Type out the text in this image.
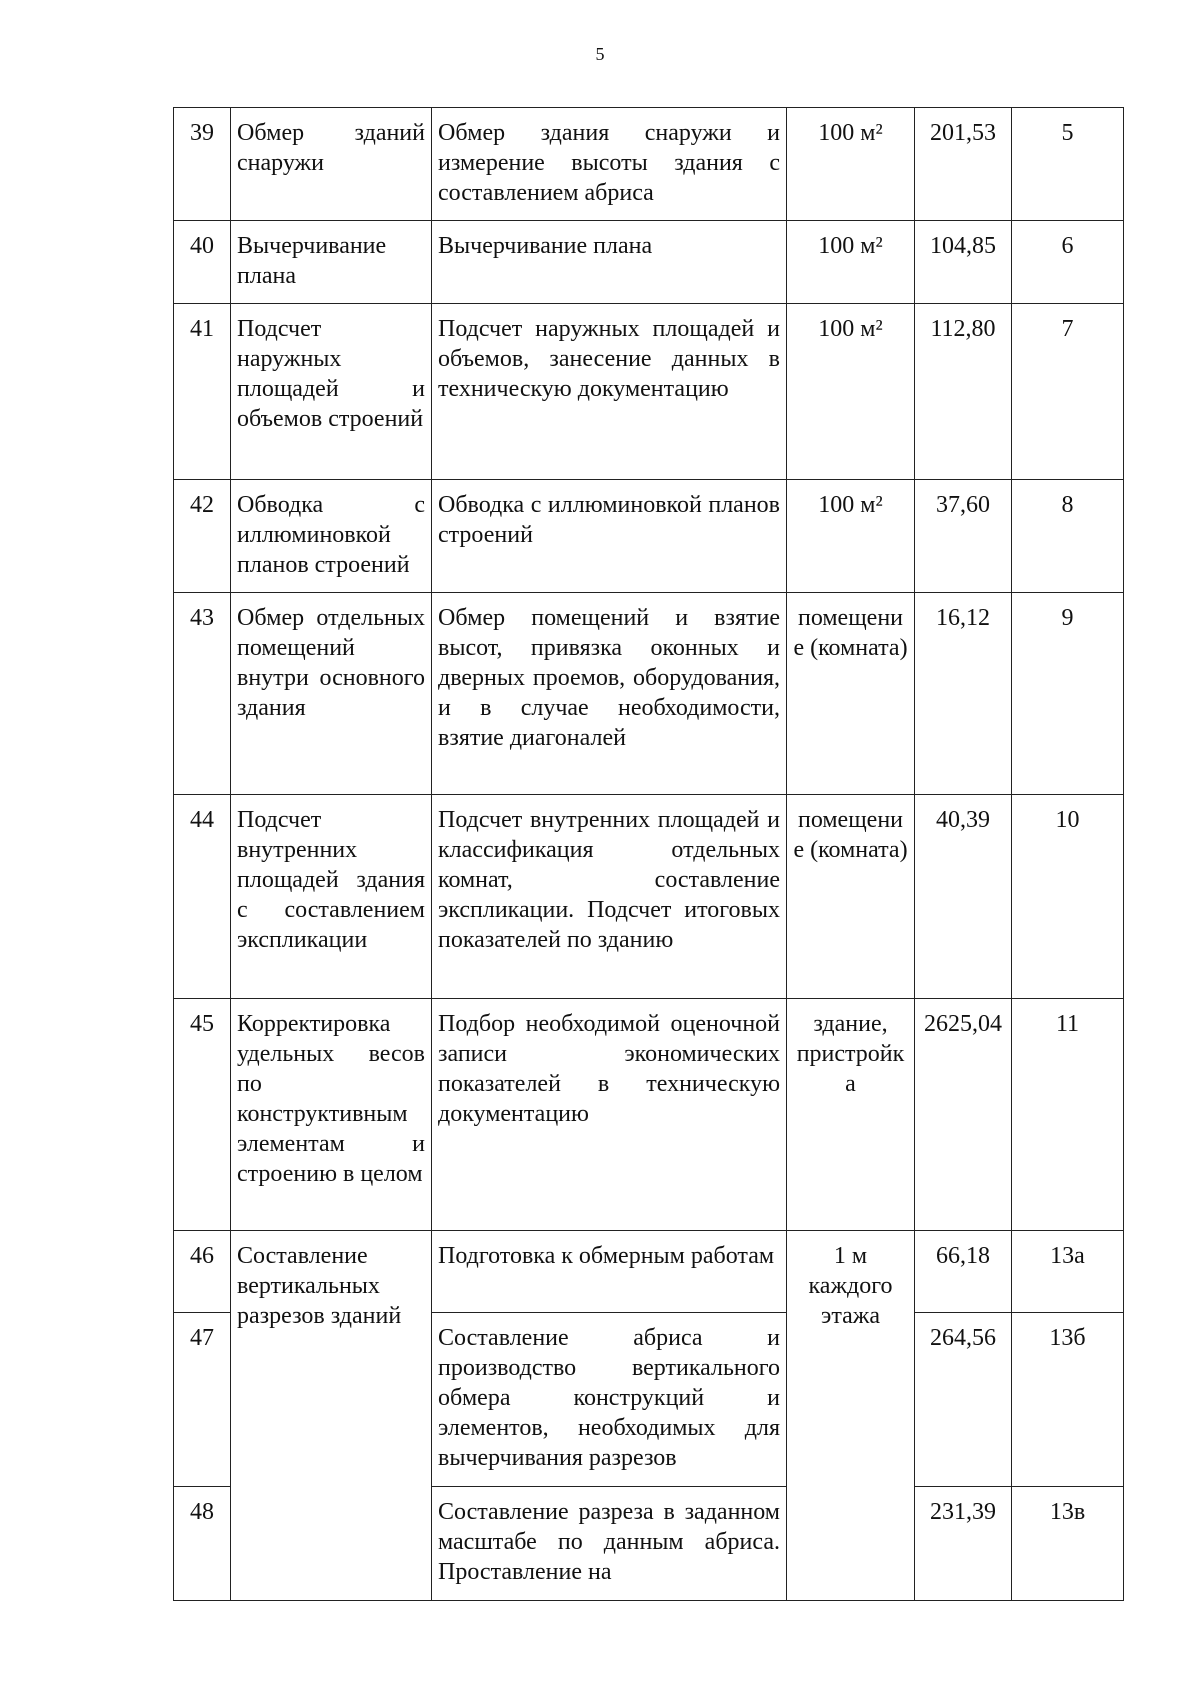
5
39	Обмер зданий снаружи	Обмер здания снаружи и измерение высоты здания с составлением абриса	100 м²	201,53	5
40	Вычерчивание плана	Вычерчивание плана	100 м²	104,85	6
41	Подсчет наружных площадей и объемов строений	Подсчет наружных площадей и объемов, занесение данных в техническую документацию	100 м²	112,80	7
42	Обводка с иллюминовкой планов строений	Обводка с иллюминовкой планов строений	100 м²	37,60	8
43	Обмер отдельных помещений внутри основного здания	Обмер помещений и взятие высот, привязка оконных и дверных проемов, оборудования, и в случае необходимости, взятие диагоналей	помещение (комната)	16,12	9
44	Подсчет внутренних площадей здания с составлением экспликации	Подсчет внутренних площадей и классификация отдельных комнат, составление экспликации. Подсчет итоговых показателей по зданию	помещение (комната)	40,39	10
45	Корректировка удельных весов по конструктивным элементам и строению в целом	Подбор необходимой оценочной записи экономических показателей в техническую документацию	здание, пристройка	2625,04	11
46	Составление вертикальных разрезов зданий	Подготовка к обмерным работам	1 м каждого этажа	66,18	13а
47		Составление абриса и производство вертикального обмера конструкций и элементов, необходимых для вычерчивания разрезов		264,56	13б
48		Составление разреза в заданном масштабе по данным абриса. Проставление на		231,39	13в
